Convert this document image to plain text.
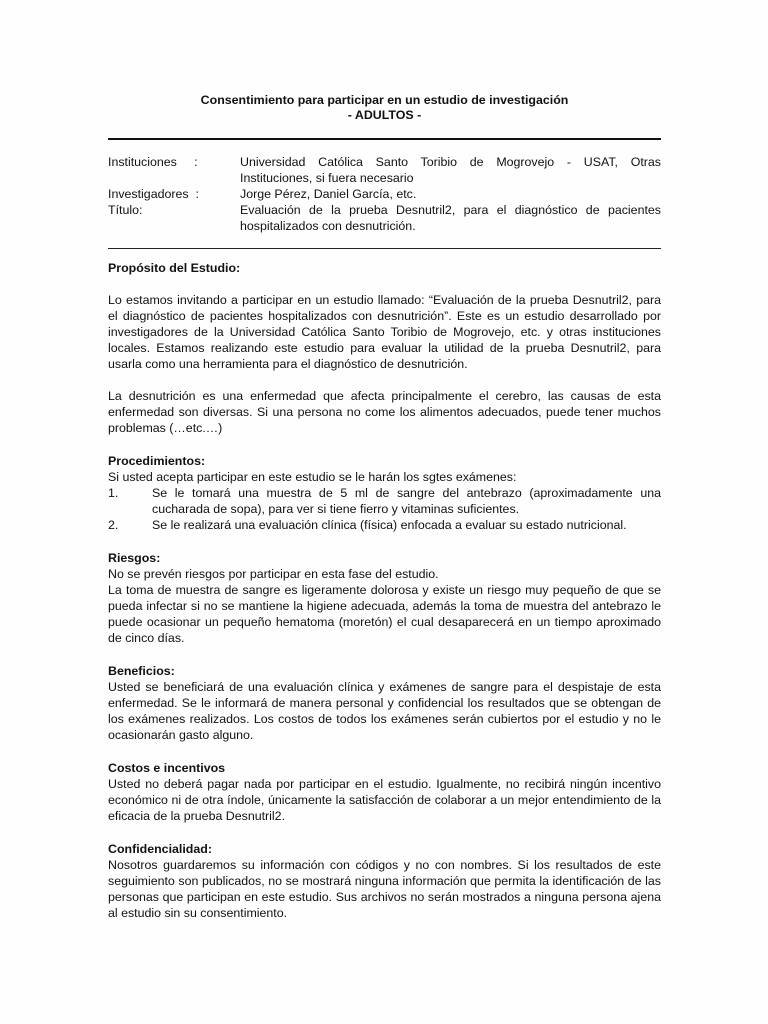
Consentimiento para participar en un estudio de investigación
- ADULTOS -
Instituciones     :	Universidad Católica Santo Toribio de Mogrovejo - USAT, Otras Instituciones, si fuera necesario
Investigadores  :	Jorge Pérez, Daniel García, etc.
Título:	Evaluación de la prueba Desnutril2, para el diagnóstico de pacientes hospitalizados con desnutrición.
Propósito del Estudio:

Lo estamos invitando a participar en un estudio llamado: “Evaluación de la prueba Desnutril2, para el diagnóstico de pacientes hospitalizados con desnutrición”. Este es un estudio desarrollado por investigadores de la Universidad Católica Santo Toribio de Mogrovejo, etc. y otras instituciones locales. Estamos realizando este estudio para evaluar la utilidad de la prueba Desnutril2, para usarla como una herramienta para el diagnóstico de desnutrición.

La desnutrición es una enfermedad que afecta principalmente el cerebro, las causas de esta enfermedad son diversas. Si una persona no come los alimentos adecuados, puede tener muchos problemas (…etc.…)

Procedimientos:

Si usted acepta participar en este estudio se le harán los sgtes exámenes:

1.	Se le tomará una muestra de 5 ml de sangre del antebrazo (aproximadamente una cucharada de sopa), para ver si tiene fierro y vitaminas suficientes.
2.	Se le realizará una evaluación clínica (física) enfocada a evaluar su estado nutricional.
Riesgos:

No se prevén riesgos por participar en esta fase del estudio.

La toma de muestra de sangre es ligeramente dolorosa y existe un riesgo muy pequeño de que se pueda infectar si no se mantiene la higiene adecuada, además la toma de muestra del antebrazo le puede ocasionar un pequeño hematoma (moretón) el cual desaparecerá en un tiempo aproximado de cinco días.

Beneficios:

Usted se beneficiará de una evaluación clínica y exámenes de sangre para el despistaje de esta enfermedad. Se le informará de manera personal y confidencial los resultados que se obtengan de los exámenes realizados. Los costos de todos los exámenes serán cubiertos por el estudio y no le ocasionarán gasto alguno.

Costos e incentivos

Usted no deberá pagar nada por participar en el estudio. Igualmente, no recibirá ningún incentivo económico ni de otra índole, únicamente la satisfacción de colaborar a un mejor entendimiento de la eficacia de la prueba Desnutril2.

Confidencialidad:

Nosotros guardaremos su información con códigos y no con nombres. Si los resultados de este seguimiento son publicados, no se mostrará ninguna información que permita la identificación de las personas que participan en este estudio. Sus archivos no serán mostrados a ninguna persona ajena al estudio sin su consentimiento.
